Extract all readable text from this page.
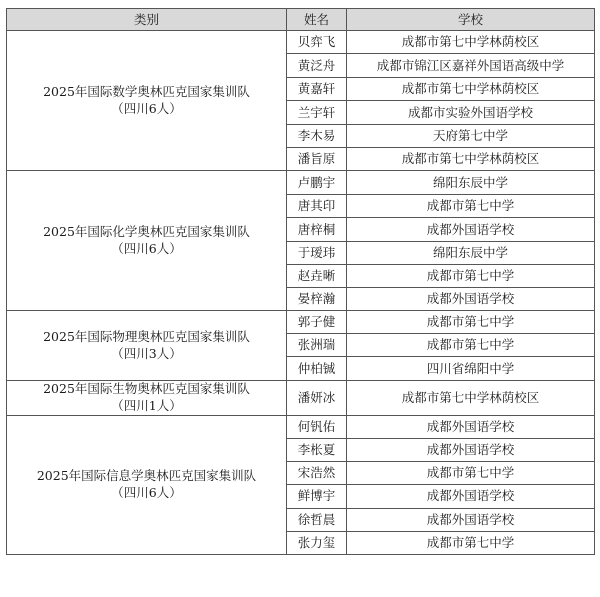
类别	姓名	学校

2025年国际数学奥林匹克国家集训队
（四川6人）	贝弈飞	成都市第七中学林荫校区
	黄泛舟	成都市锦江区嘉祥外国语高级中学
	黄嘉轩	成都市第七中学林荫校区
	兰宇轩	成都市实验外国语学校
	李木易	天府第七中学
	潘旨原	成都市第七中学林荫校区

2025年国际化学奥林匹克国家集训队
（四川6人）	卢鹏宇	绵阳东辰中学
	唐其印	成都市第七中学
	唐梓桐	成都外国语学校
	于瑷玮	绵阳东辰中学
	赵垚晰	成都市第七中学
	晏梓瀚	成都外国语学校

2025年国际物理奥林匹克国家集训队
（四川3人）	郭子健	成都市第七中学
	张洲瑞	成都市第七中学
	仲柏铖	四川省绵阳中学

2025年国际生物奥林匹克国家集训队
（四川1人）	潘妍冰	成都市第七中学林荫校区

2025年国际信息学奥林匹克国家集训队
（四川6人）	何钒佑	成都外国语学校
	李枨夏	成都外国语学校
	宋浩然	成都市第七中学
	鲜博宇	成都外国语学校
	徐哲晨	成都外国语学校
	张力玺	成都市第七中学
